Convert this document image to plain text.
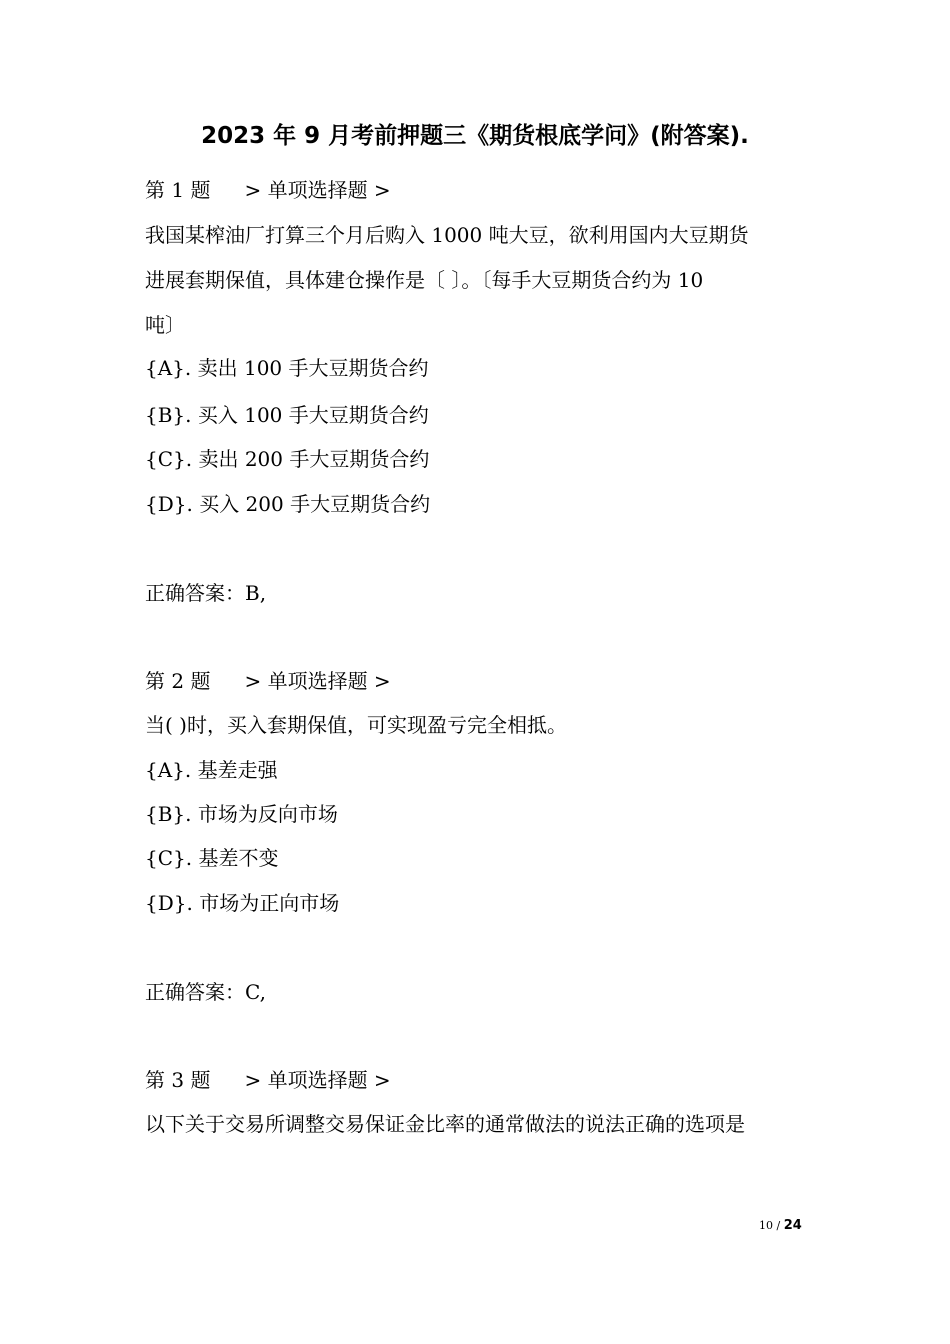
2023 年 9 月考前押题三《期货根底学问》(附答案).
第 1 题 > 单项选择题 >
我国某榨油厂打算三个月后购入 1000 吨大豆，欲利用国内大豆期货
进展套期保值，具体建仓操作是〔 〕。〔每手大豆期货合约为 10
吨〕
{A}. 卖出 100 手大豆期货合约
{B}. 买入 100 手大豆期货合约
{C}. 卖出 200 手大豆期货合约
{D}. 买入 200 手大豆期货合约
正确答案：B,
第 2 题 > 单项选择题 >
当( )时，买入套期保值，可实现盈亏完全相抵。
{A}. 基差走强
{B}. 市场为反向市场
{C}. 基差不变
{D}. 市场为正向市场
正确答案：C,
第 3 题 > 单项选择题 >
以下关于交易所调整交易保证金比率的通常做法的说法正确的选项是
10 / 24
